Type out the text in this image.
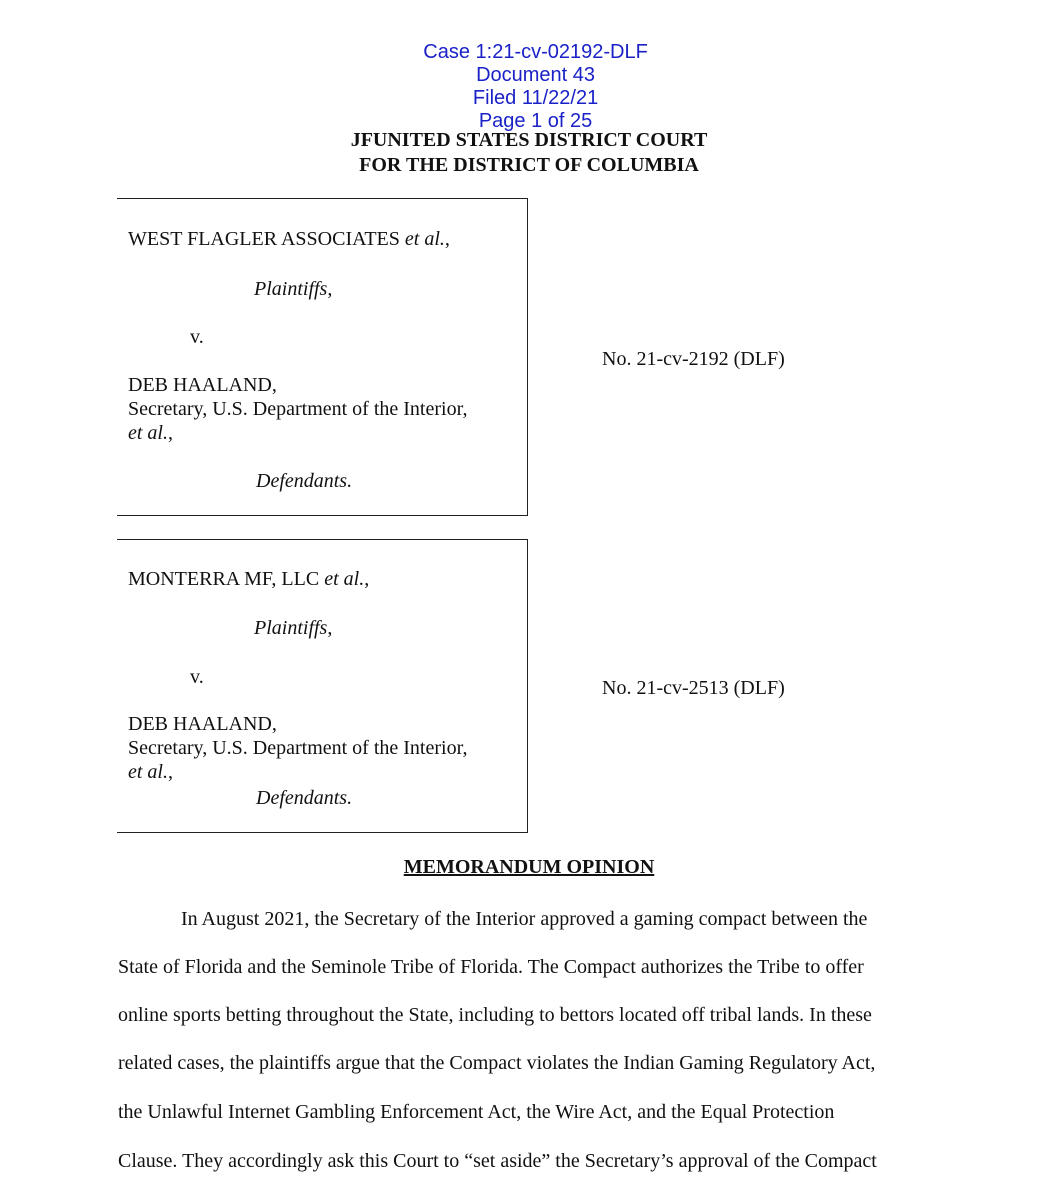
Case 1:21-cv-02192-DLF
Document 43
Filed 11/22/21
Page 1 of 25

JFUNITED STATES DISTRICT COURT
FOR THE DISTRICT OF COLUMBIA
WEST FLAGLER ASSOCIATES et al.,
Plaintiffs,
v.
DEB HAALAND,
Secretary, U.S. Department of the Interior,
et al.,
Defendants.
No. 21-cv-2192 (DLF)
MONTERRA MF, LLC et al.,
Plaintiffs,
v.
DEB HAALAND,
Secretary, U.S. Department of the Interior,
et al.,
Defendants.
No. 21-cv-2513 (DLF)
MEMORANDUM OPINION
In August 2021, the Secretary of the Interior approved a gaming compact between the
State of Florida and the Seminole Tribe of Florida. The Compact authorizes the Tribe to offer
online sports betting throughout the State, including to bettors located off tribal lands. In these
related cases, the plaintiffs argue that the Compact violates the Indian Gaming Regulatory Act,
the Unlawful Internet Gambling Enforcement Act, the Wire Act, and the Equal Protection
Clause. They accordingly ask this Court to “set aside” the Secretary’s approval of the Compact
